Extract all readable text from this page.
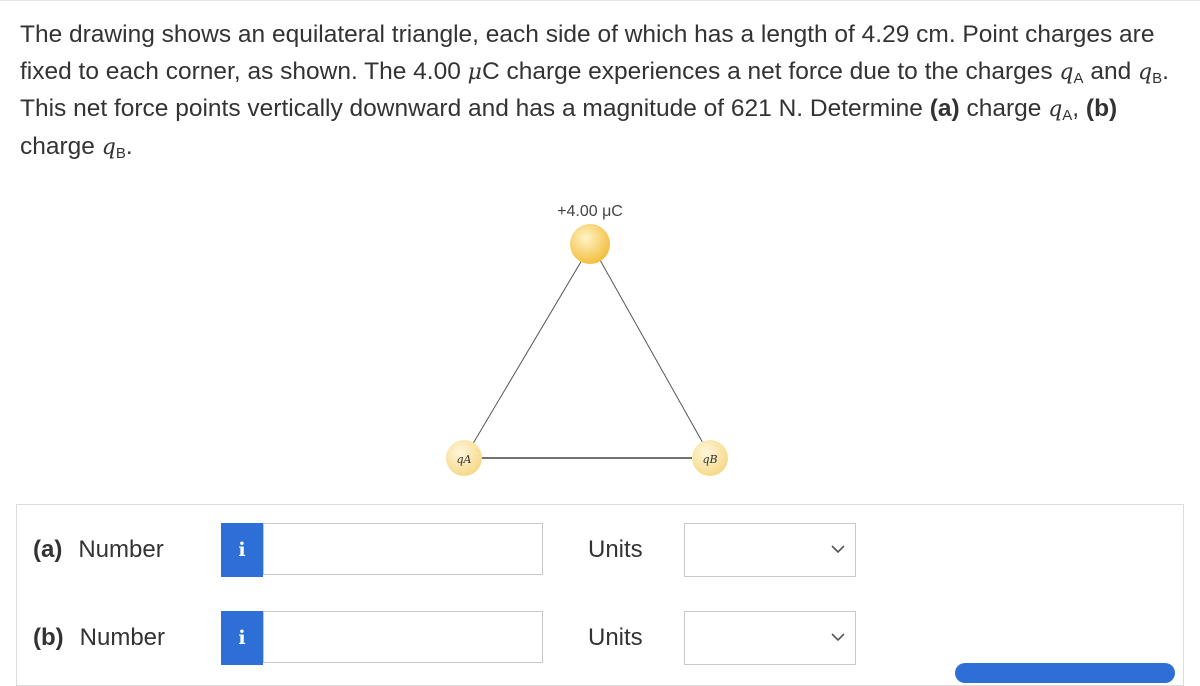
The drawing shows an equilateral triangle, each side of which has a length of 4.29 cm. Point charges are fixed to each corner, as shown. The 4.00 μC charge experiences a net force due to the charges $q_A$ and $q_B$. This net force points vertically downward and has a magnitude of 621 N. Determine (a) charge $q_A$, (b) charge $q_B$.
+4.00 μC
qA	qB
(a) Number	i	Units
(b) Number	i	Units
